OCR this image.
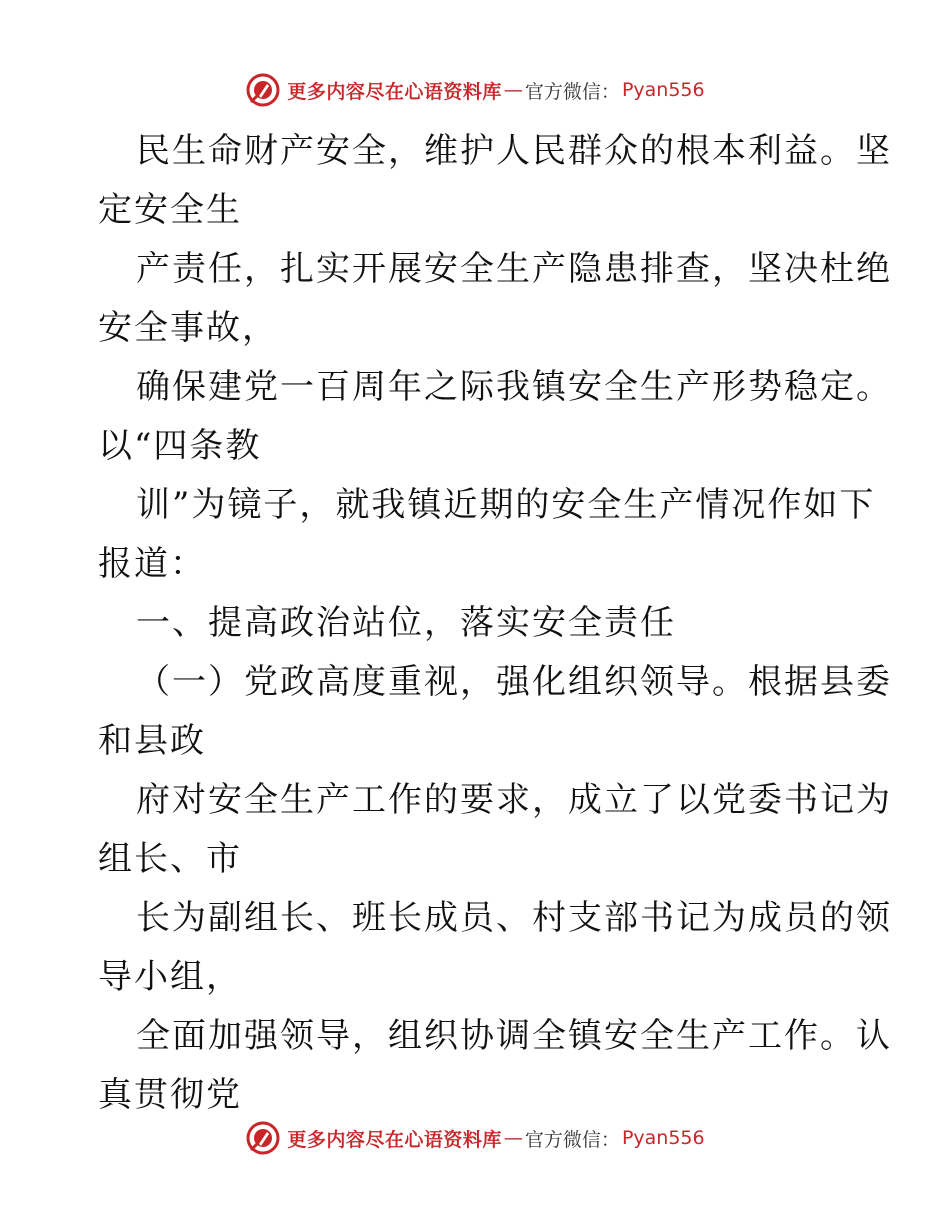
更多内容尽在心语资料库 — 官方微信： Pyan556
民生命财产安全，维护人民群众的根本利益。坚
定安全生
产责任，扎实开展安全生产隐患排查，坚决杜绝
安全事故，
确保建党一百周年之际我镇安全生产形势稳定。
以“四条教
训”为镜子，就我镇近期的安全生产情况作如下
报道：
一、提高政治站位，落实安全责任
（一）党政高度重视，强化组织领导。根据县委
和县政
府对安全生产工作的要求，成立了以党委书记为
组长、市
长为副组长、班长成员、村支部书记为成员的领
导小组，
全面加强领导，组织协调全镇安全生产工作。认
真贯彻党
更多内容尽在心语资料库 — 官方微信： Pyan556
